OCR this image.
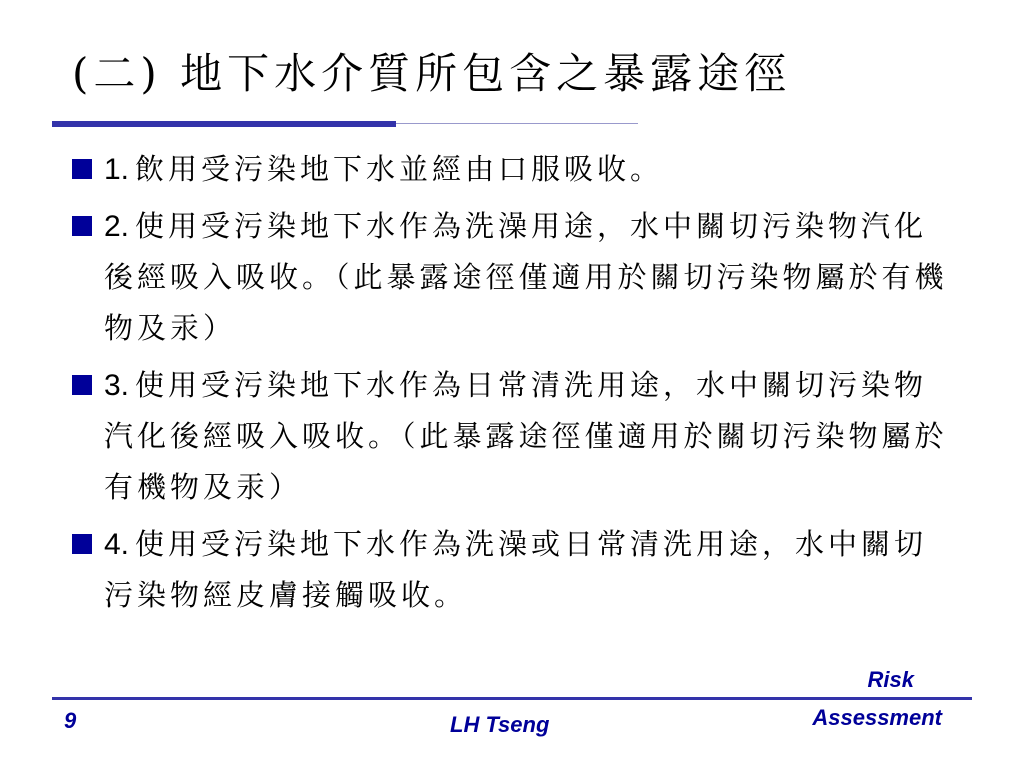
(二) 地下水介質所包含之暴露途徑
1. 飲用受污染地下水並經由口服吸收。
2. 使用受污染地下水作為洗澡用途，水中關切污染物汽化後經吸入吸收。（此暴露途徑僅適用於關切污染物屬於有機物及汞）
3. 使用受污染地下水作為日常清洗用途，水中關切污染物汽化後經吸入吸收。（此暴露途徑僅適用於關切污染物屬於有機物及汞）
4. 使用受污染地下水作為洗澡或日常清洗用途，水中關切污染物經皮膚接觸吸收。
9	LH Tseng
Risk
Assessment
